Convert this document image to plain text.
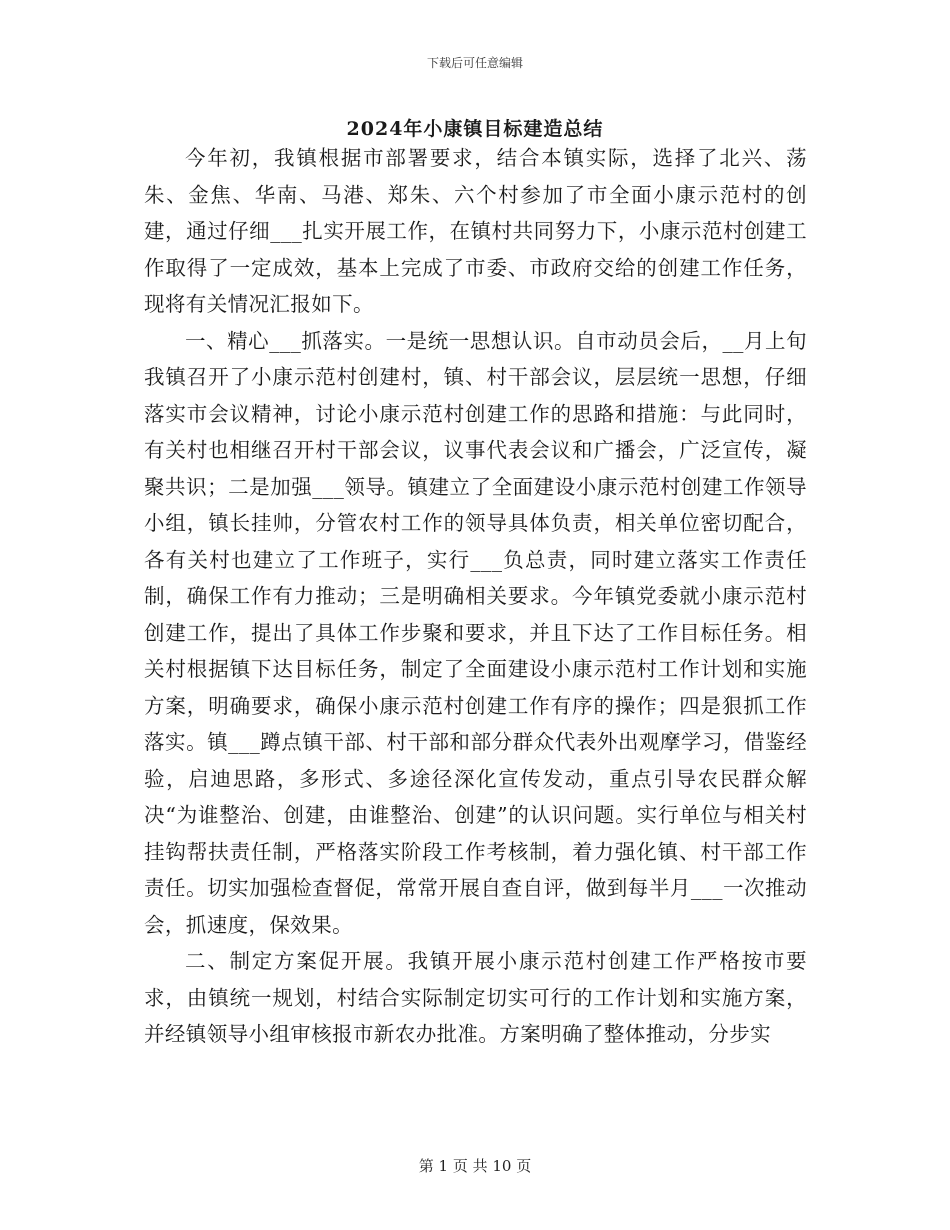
下载后可任意编辑
2024年小康镇目标建造总结

今年初，我镇根据市部署要求，结合本镇实际，选择了北兴、荡朱、金焦、华南、马港、郑朱、六个村参加了市全面小康示范村的创建，通过仔细___扎实开展工作，在镇村共同努力下，小康示范村创建工作取得了一定成效，基本上完成了市委、市政府交给的创建工作任务，现将有关情况汇报如下。

一、精心___抓落实。一是统一思想认识。自市动员会后，__月上旬我镇召开了小康示范村创建村，镇、村干部会议，层层统一思想，仔细落实市会议精神，讨论小康示范村创建工作的思路和措施：与此同时，有关村也相继召开村干部会议，议事代表会议和广播会，广泛宣传，凝聚共识；二是加强___领导。镇建立了全面建设小康示范村创建工作领导小组，镇长挂帅，分管农村工作的领导具体负责，相关单位密切配合，各有关村也建立了工作班子，实行___负总责，同时建立落实工作责任制，确保工作有力推动；三是明确相关要求。今年镇党委就小康示范村创建工作，提出了具体工作步聚和要求，并且下达了工作目标任务。相关村根据镇下达目标任务，制定了全面建设小康示范村工作计划和实施方案，明确要求，确保小康示范村创建工作有序的操作；四是狠抓工作落实。镇___蹲点镇干部、村干部和部分群众代表外出观摩学习，借鉴经验，启迪思路，多形式、多途径深化宣传发动，重点引导农民群众解决“为谁整治、创建，由谁整治、创建”的认识问题。实行单位与相关村挂钩帮扶责任制，严格落实阶段工作考核制，着力强化镇、村干部工作责任。切实加强检查督促，常常开展自查自评，做到每半月___一次推动会，抓速度，保效果。

二、制定方案促开展。我镇开展小康示范村创建工作严格按市要求，由镇统一规划，村结合实际制定切实可行的工作计划和实施方案，并经镇领导小组审核报市新农办批准。方案明确了整体推动，分步实

第 1 页 共 10 页
